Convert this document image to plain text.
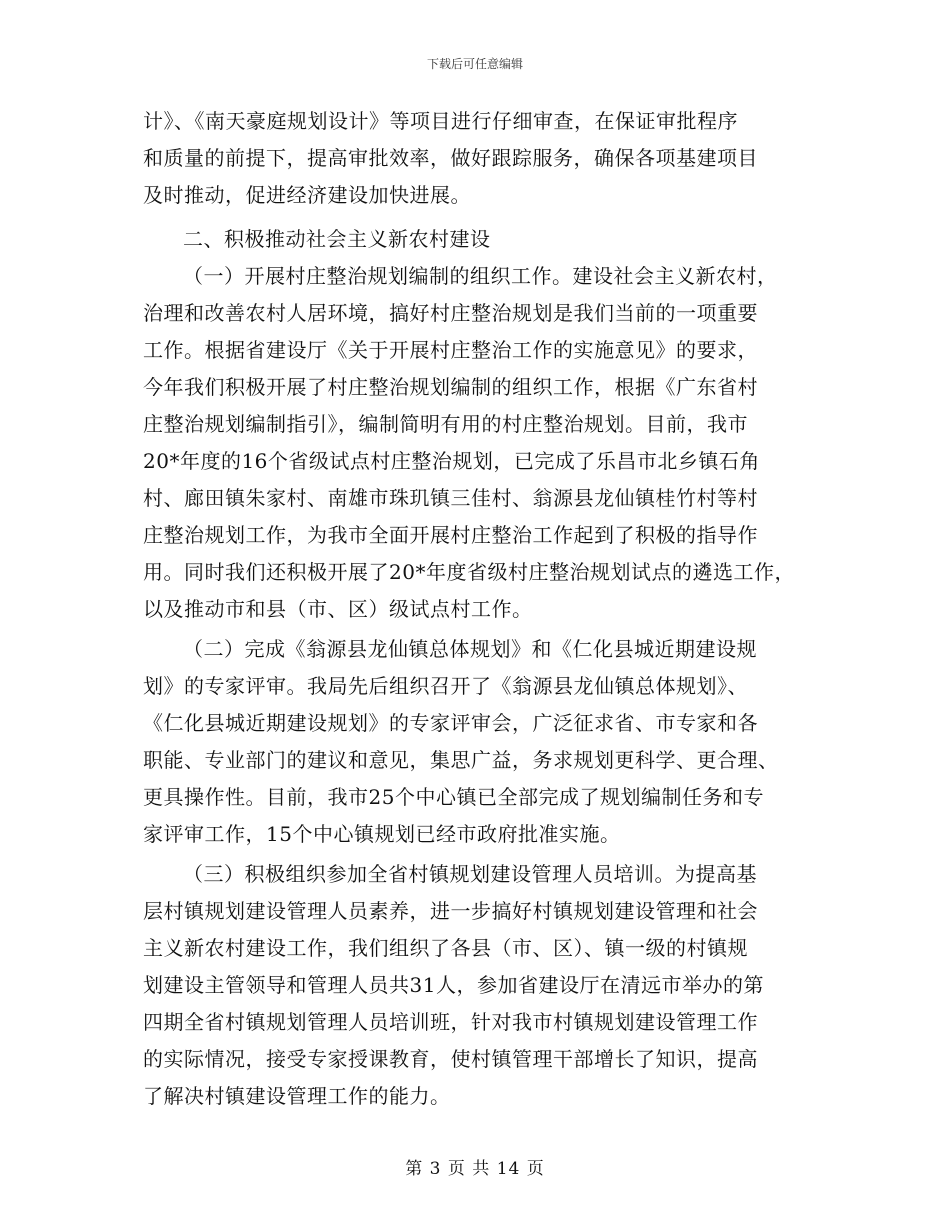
下载后可任意编辑
计》、《南天豪庭规划设计》等项目进行仔细审查，在保证审批程序
和质量的前提下，提高审批效率，做好跟踪服务，确保各项基建项目
及时推动，促进经济建设加快进展。
二、积极推动社会主义新农村建设
（一）开展村庄整治规划编制的组织工作。建设社会主义新农村，
治理和改善农村人居环境，搞好村庄整治规划是我们当前的一项重要
工作。根据省建设厅《关于开展村庄整治工作的实施意见》的要求，
今年我们积极开展了村庄整治规划编制的组织工作，根据《广东省村
庄整治规划编制指引》，编制简明有用的村庄整治规划。目前，我市
20*年度的16个省级试点村庄整治规划，已完成了乐昌市北乡镇石角
村、廊田镇朱家村、南雄市珠玑镇三佳村、翁源县龙仙镇桂竹村等村
庄整治规划工作，为我市全面开展村庄整治工作起到了积极的指导作
用。同时我们还积极开展了20*年度省级村庄整治规划试点的遴选工作，
以及推动市和县（市、区）级试点村工作。
（二）完成《翁源县龙仙镇总体规划》和《仁化县城近期建设规
划》的专家评审。我局先后组织召开了《翁源县龙仙镇总体规划》、
《仁化县城近期建设规划》的专家评审会，广泛征求省、市专家和各
职能、专业部门的建议和意见，集思广益，务求规划更科学、更合理、
更具操作性。目前，我市25个中心镇已全部完成了规划编制任务和专
家评审工作，15个中心镇规划已经市政府批准实施。
（三）积极组织参加全省村镇规划建设管理人员培训。为提高基
层村镇规划建设管理人员素养，进一步搞好村镇规划建设管理和社会
主义新农村建设工作，我们组织了各县（市、区）、镇一级的村镇规
划建设主管领导和管理人员共31人，参加省建设厅在清远市举办的第
四期全省村镇规划管理人员培训班，针对我市村镇规划建设管理工作
的实际情况，接受专家授课教育，使村镇管理干部增长了知识，提高
了解决村镇建设管理工作的能力。
第 3 页 共 14 页
